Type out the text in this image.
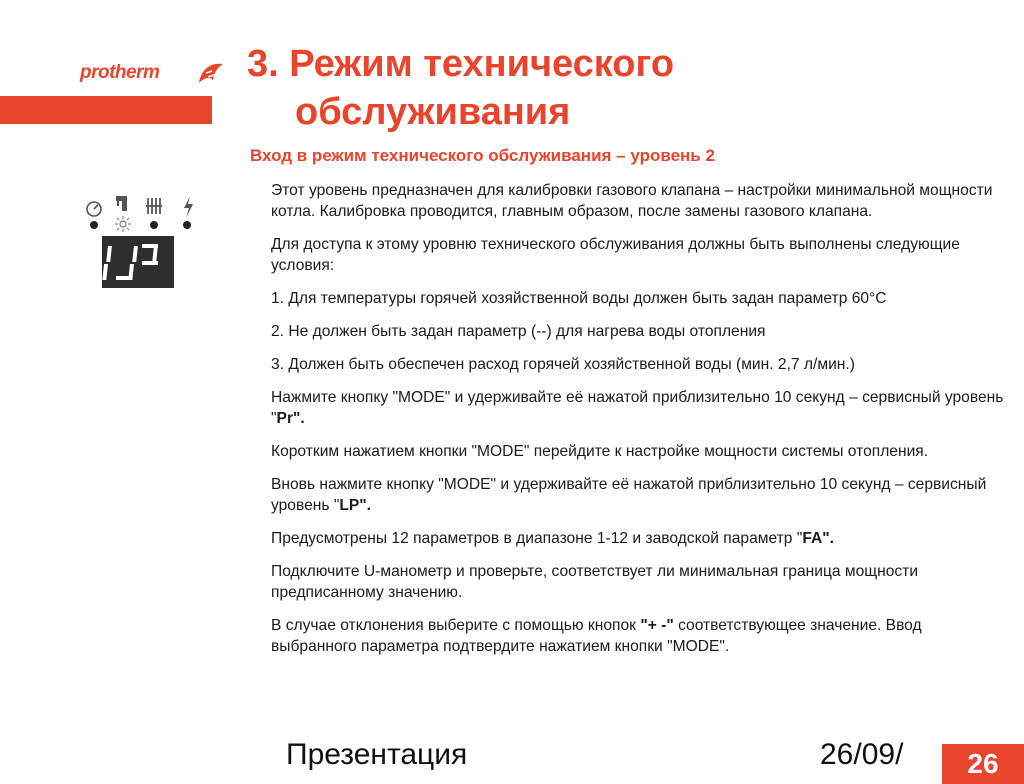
protherm 3. Режим технического
обслуживания
Вход в режим технического обслуживания – уровень 2

Этот уровень предназначен для калибровки газового клапана – настройки минимальной мощности котла. Калибровка проводится, главным образом, после замены газового клапана.

Для доступа к этому уровню технического обслуживания должны быть выполнены следующие условия:

1. Для температуры горячей хозяйственной воды должен быть задан параметр 60°C

2. Не должен быть задан параметр (--) для нагрева воды отопления

3. Должен быть обеспечен расход горячей хозяйственной воды (мин. 2,7 л/мин.)

Нажмите кнопку "MODE" и удерживайте её нажатой приблизительно 10 секунд – сервисный уровень "Pr".

Коротким нажатием кнопки "MODE" перейдите к настройке мощности системы отопления.

Вновь нажмите кнопку "MODE" и удерживайте её нажатой приблизительно 10 секунд – сервисный уровень "LP".

Предусмотрены 12 параметров в диапазоне 1-12 и заводской параметр "FA".

Подключите U-манометр и проверьте, соответствует ли минимальная граница мощности предписанному значению.

В случае отклонения выберите с помощью кнопок "+ -" соответствующее значение. Ввод выбранного параметра подтвердите нажатием кнопки "MODE".

Презентация	26/09/	26
